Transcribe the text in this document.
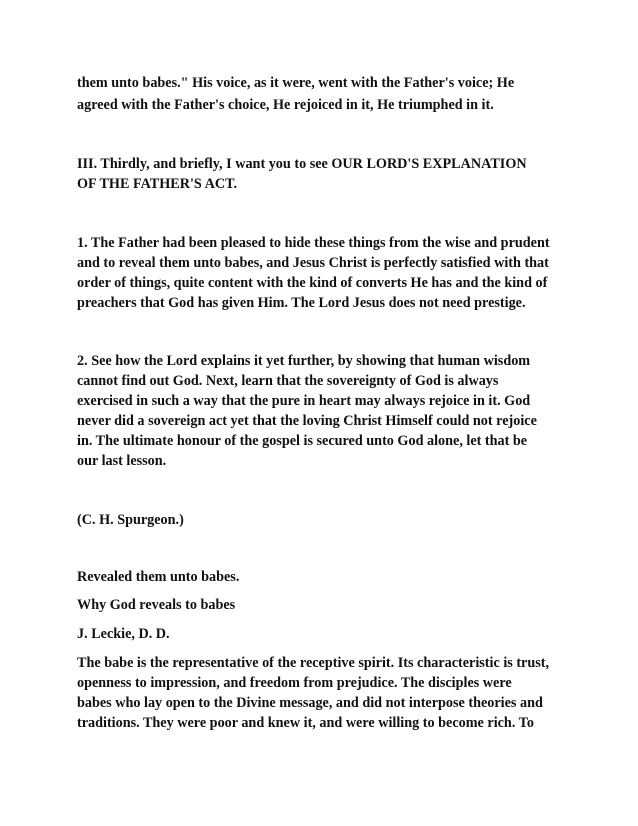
them unto babes." His voice, as it were, went with the Father's voice; He
agreed with the Father's choice, He rejoiced in it, He triumphed in it.
III. Thirdly, and briefly, I want you to see OUR LORD'S EXPLANATION
OF THE FATHER'S ACT.
1. The Father had been pleased to hide these things from the wise and prudent
and to reveal them unto babes, and Jesus Christ is perfectly satisfied with that
order of things, quite content with the kind of converts He has and the kind of
preachers that God has given Him. The Lord Jesus does not need prestige.
2. See how the Lord explains it yet further, by showing that human wisdom
cannot find out God. Next, learn that the sovereignty of God is always
exercised in such a way that the pure in heart may always rejoice in it. God
never did a sovereign act yet that the loving Christ Himself could not rejoice
in. The ultimate honour of the gospel is secured unto God alone, let that be
our last lesson.
(C. H. Spurgeon.)
Revealed them unto babes.
Why God reveals to babes
J. Leckie, D. D.
The babe is the representative of the receptive spirit. Its characteristic is trust,
openness to impression, and freedom from prejudice. The disciples were
babes who lay open to the Divine message, and did not interpose theories and
traditions. They were poor and knew it, and were willing to become rich. To
